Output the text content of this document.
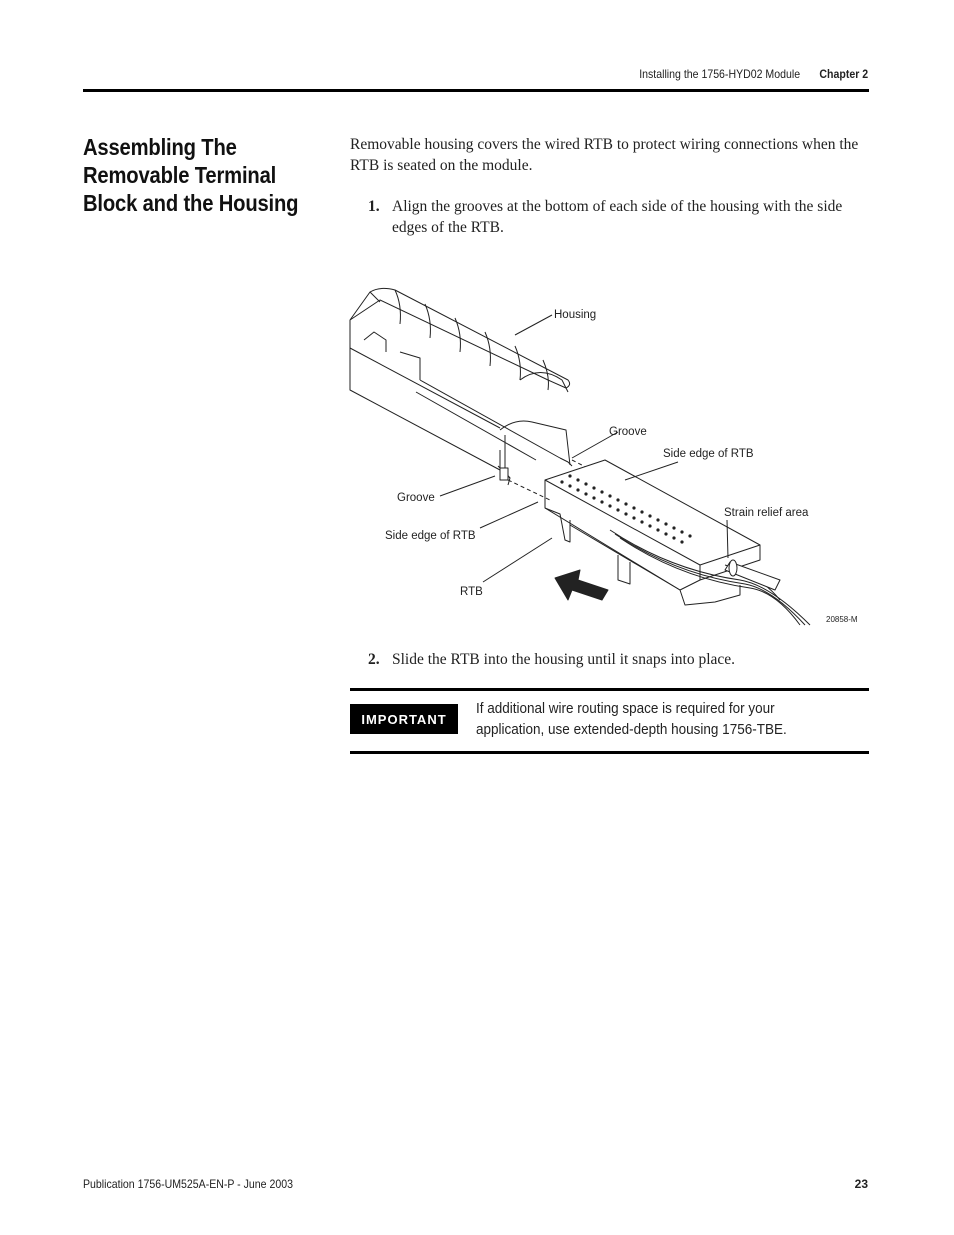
Installing the 1756-HYD02 Module Chapter 2
Assembling The Removable Terminal Block and the Housing
Removable housing covers the wired RTB to protect wiring connections when the RTB is seated on the module.
1. Align the grooves at the bottom of each side of the housing with the side edges of the RTB.
Housing
Groove
Side edge of RTB
Groove
Strain relief area
Side edge of RTB
RTB
20858-M
2. Slide the RTB into the housing until it snaps into place.
IMPORTANT
If additional wire routing space is required for your application, use extended-depth housing 1756-TBE.
Publication 1756-UM525A-EN-P - June 2003	23
